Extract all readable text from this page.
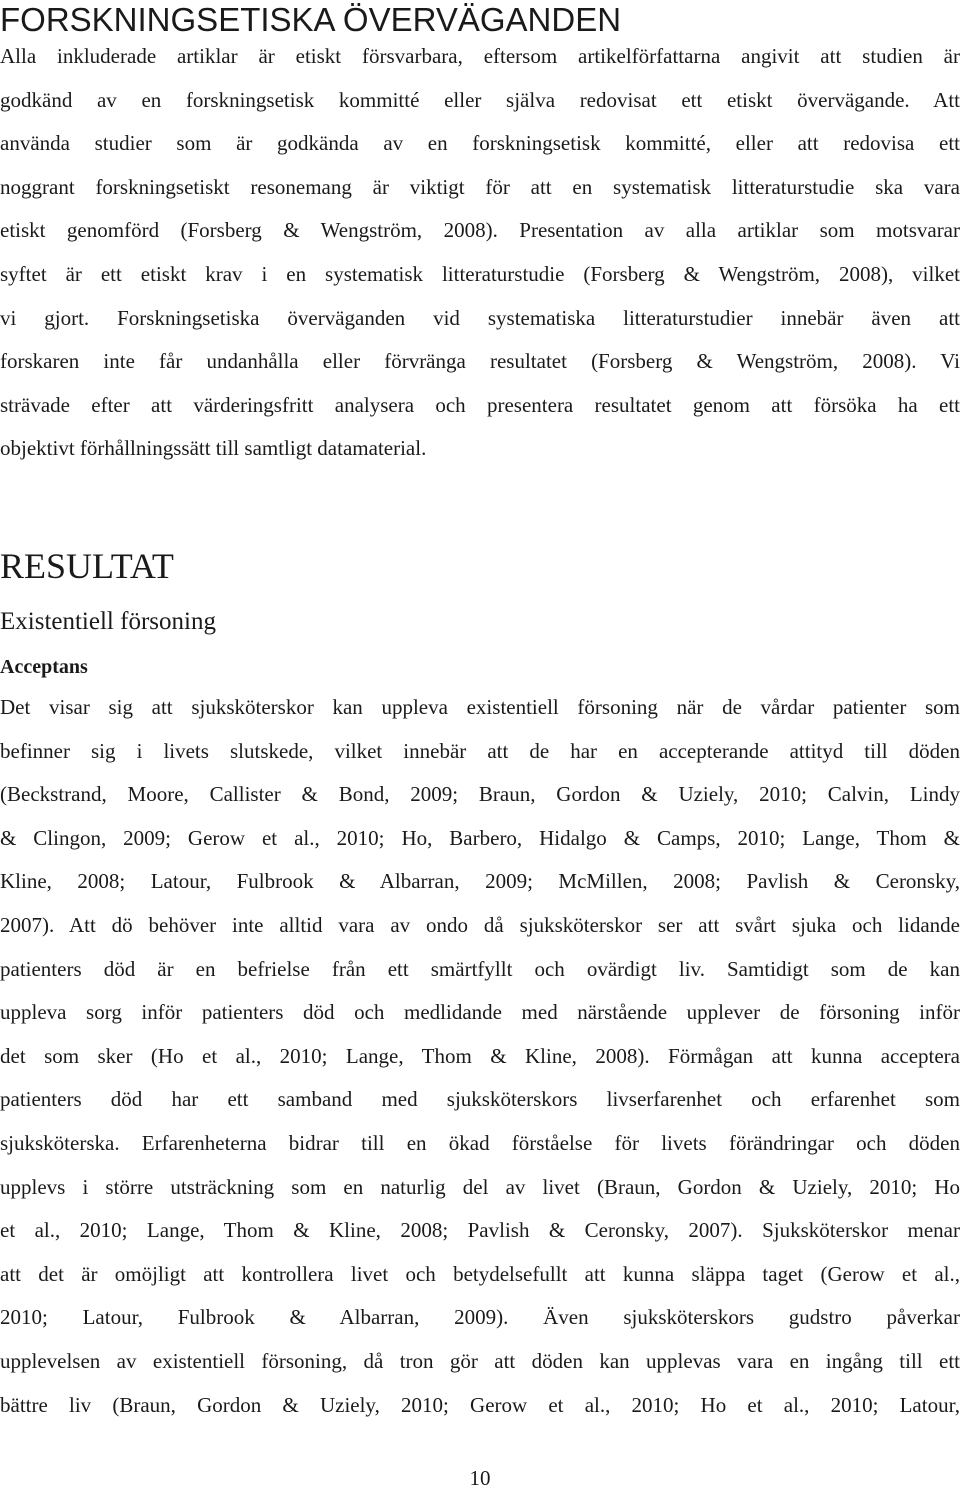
FORSKNINGSETISKA ÖVERVÄGANDEN
Alla inkluderade artiklar är etiskt försvarbara, eftersom artikelförfattarna angivit att studien är
godkänd av en forskningsetisk kommitté eller själva redovisat ett etiskt övervägande. Att
använda studier som är godkända av en forskningsetisk kommitté, eller att redovisa ett
noggrant forskningsetiskt resonemang är viktigt för att en systematisk litteraturstudie ska vara
etiskt genomförd (Forsberg & Wengström, 2008). Presentation av alla artiklar som motsvarar
syftet är ett etiskt krav i en systematisk litteraturstudie (Forsberg & Wengström, 2008), vilket
vi gjort. Forskningsetiska överväganden vid systematiska litteraturstudier innebär även att
forskaren inte får undanhålla eller förvränga resultatet (Forsberg & Wengström, 2008). Vi
strävade efter att värderingsfritt analysera och presentera resultatet genom att försöka ha ett
objektivt förhållningssätt till samtligt datamaterial.
RESULTAT
Existentiell försoning
Acceptans
Det visar sig att sjuksköterskor kan uppleva existentiell försoning när de vårdar patienter som
befinner sig i livets slutskede, vilket innebär att de har en accepterande attityd till döden
(Beckstrand, Moore, Callister & Bond, 2009; Braun, Gordon & Uziely, 2010; Calvin, Lindy
& Clingon, 2009; Gerow et al., 2010; Ho, Barbero, Hidalgo & Camps, 2010; Lange, Thom &
Kline, 2008; Latour, Fulbrook & Albarran, 2009; McMillen, 2008; Pavlish & Ceronsky,
2007). Att dö behöver inte alltid vara av ondo då sjuksköterskor ser att svårt sjuka och lidande
patienters död är en befrielse från ett smärtfyllt och ovärdigt liv. Samtidigt som de kan
uppleva sorg inför patienters död och medlidande med närstående upplever de försoning inför
det som sker (Ho et al., 2010; Lange, Thom & Kline, 2008). Förmågan att kunna acceptera
patienters död har ett samband med sjuksköterskors livserfarenhet och erfarenhet som
sjuksköterska. Erfarenheterna bidrar till en ökad förståelse för livets förändringar och döden
upplevs i större utsträckning som en naturlig del av livet (Braun, Gordon & Uziely, 2010; Ho
et al., 2010; Lange, Thom & Kline, 2008; Pavlish & Ceronsky, 2007). Sjuksköterskor menar
att det är omöjligt att kontrollera livet och betydelsefullt att kunna släppa taget (Gerow et al.,
2010; Latour, Fulbrook & Albarran, 2009). Även sjuksköterskors gudstro påverkar
upplevelsen av existentiell försoning, då tron gör att döden kan upplevas vara en ingång till ett
bättre liv (Braun, Gordon & Uziely, 2010; Gerow et al., 2010; Ho et al., 2010; Latour,
10
